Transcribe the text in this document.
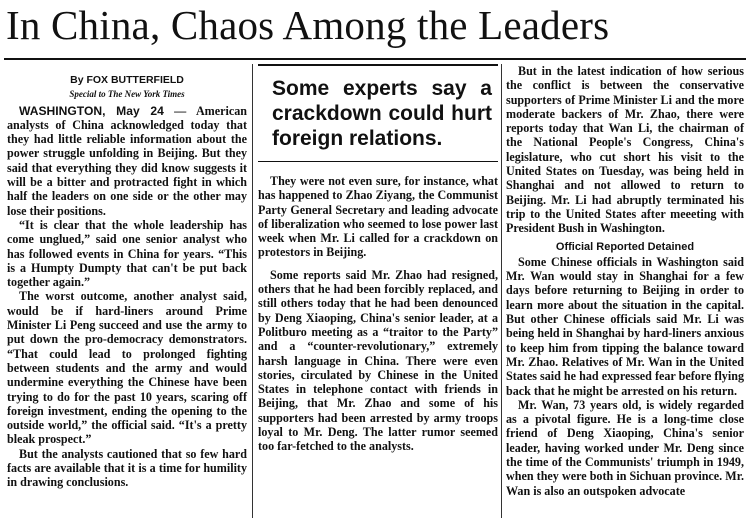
In China, Chaos Among the Leaders
By FOX BUTTERFIELD
Special to The New York Times

WASHINGTON, May 24 — American analysts of China acknowledged today that they had little reliable information about the power struggle unfolding in Beijing. But they said that everything they did know suggests it will be a bitter and protracted fight in which half the leaders on one side or the other may lose their positions.

“It is clear that the whole leadership has come unglued,” said one senior analyst who has followed events in China for years. “This is a Humpty Dumpty that can't be put back together again.”

The worst outcome, another analyst said, would be if hard-liners around Prime Minister Li Peng succeed and use the army to put down the pro-democracy demonstrators. “That could lead to prolonged fighting between students and the army and would undermine everything the Chinese have been trying to do for the past 10 years, scaring off foreign investment, ending the opening to the outside world,” the official said. “It's a pretty bleak prospect.”

But the analysts cautioned that so few hard facts are available that it is a time for humility in drawing conclusions.

Some experts say a crackdown could hurt foreign relations.

They were not even sure, for instance, what has happened to Zhao Ziyang, the Communist Party General Secretary and leading advocate of liberalization who seemed to lose power last week when Mr. Li called for a crackdown on protestors in Beijing.

Some reports said Mr. Zhao had resigned, others that he had been forcibly replaced, and still others today that he had been denounced by Deng Xiaoping, China's senior leader, at a Politburo meeting as a “traitor to the Party” and a “counter-revolutionary,” extremely harsh language in China. There were even stories, circulated by Chinese in the United States in telephone contact with friends in Beijing, that Mr. Zhao and some of his supporters had been arrested by army troops loyal to Mr. Deng. The latter rumor seemed too far-fetched to the analysts.

But in the latest indication of how serious the conflict is between the conservative supporters of Prime Minister Li and the more moderate backers of Mr. Zhao, there were reports today that Wan Li, the chairman of the National People's Congress, China's legislature, who cut short his visit to the United States on Tuesday, was being held in Shanghai and not allowed to return to Beijing. Mr. Li had abruptly terminated his trip to the United States after meeeting with President Bush in Washington.

Official Reported Detained

Some Chinese officials in Washington said Mr. Wan would stay in Shanghai for a few days before returning to Beijing in order to learn more about the situation in the capital. But other Chinese officials said Mr. Li was being held in Shanghai by hard-liners anxious to keep him from tipping the balance toward Mr. Zhao. Relatives of Mr. Wan in the United States said he had expressed fear before flying back that he might be arrested on his return.

Mr. Wan, 73 years old, is widely regarded as a pivotal figure. He is a long-time close friend of Deng Xiaoping, China's senior leader, having worked under Mr. Deng since the time of the Communists' triumph in 1949, when they were both in Sichuan province. Mr. Wan is also an outspoken advocate
